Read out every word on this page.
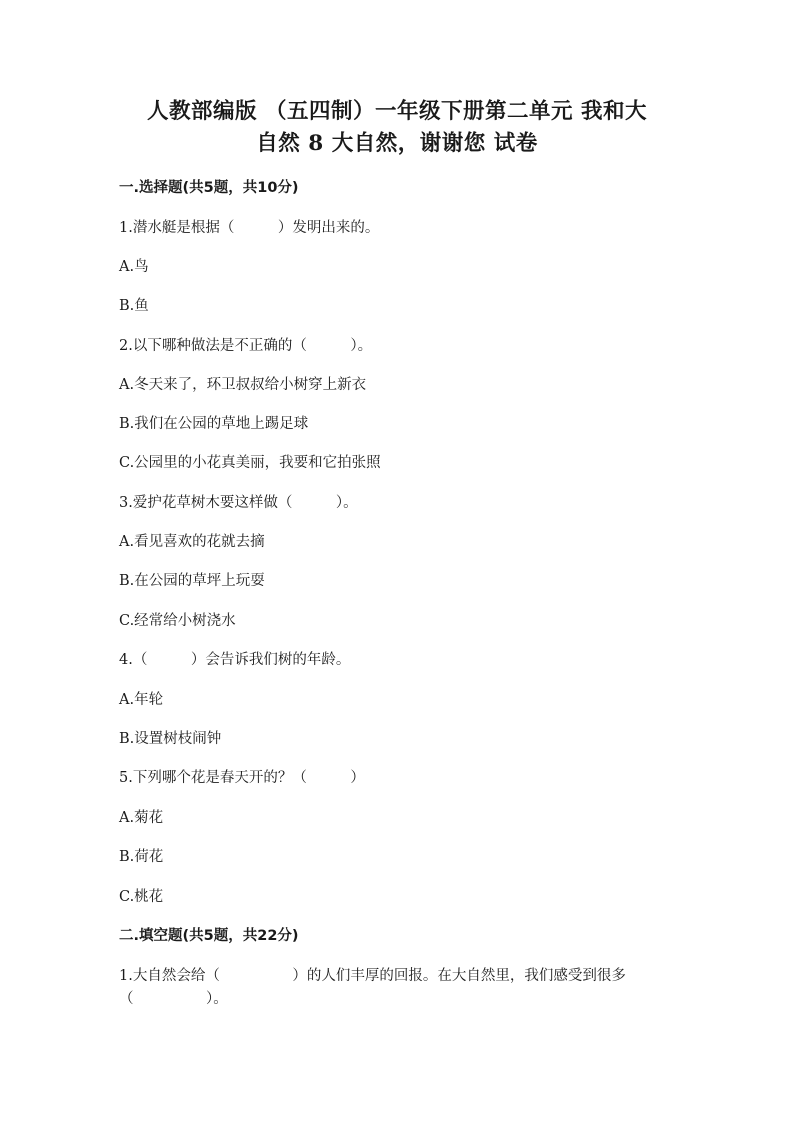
人教部编版 （五四制）一年级下册第二单元 我和大
自然 8 大自然，谢谢您 试卷
一.选择题(共5题，共10分)
1.潜水艇是根据（　　　）发明出来的。
A.鸟
B.鱼
2.以下哪种做法是不正确的（　　　）。
A.冬天来了，环卫叔叔给小树穿上新衣
B.我们在公园的草地上踢足球
C.公园里的小花真美丽，我要和它拍张照
3.爱护花草树木要这样做（　　　）。
A.看见喜欢的花就去摘
B.在公园的草坪上玩耍
C.经常给小树浇水
4.（　　　）会告诉我们树的年龄。
A.年轮
B.设置树枝闹钟
5.下列哪个花是春天开的？（　　　）
A.菊花
B.荷花
C.桃花
二.填空题(共5题，共22分)
1.大自然会给（　　　　　）的人们丰厚的回报。在大自然里，我们感受到很多
（　　　　　）。
